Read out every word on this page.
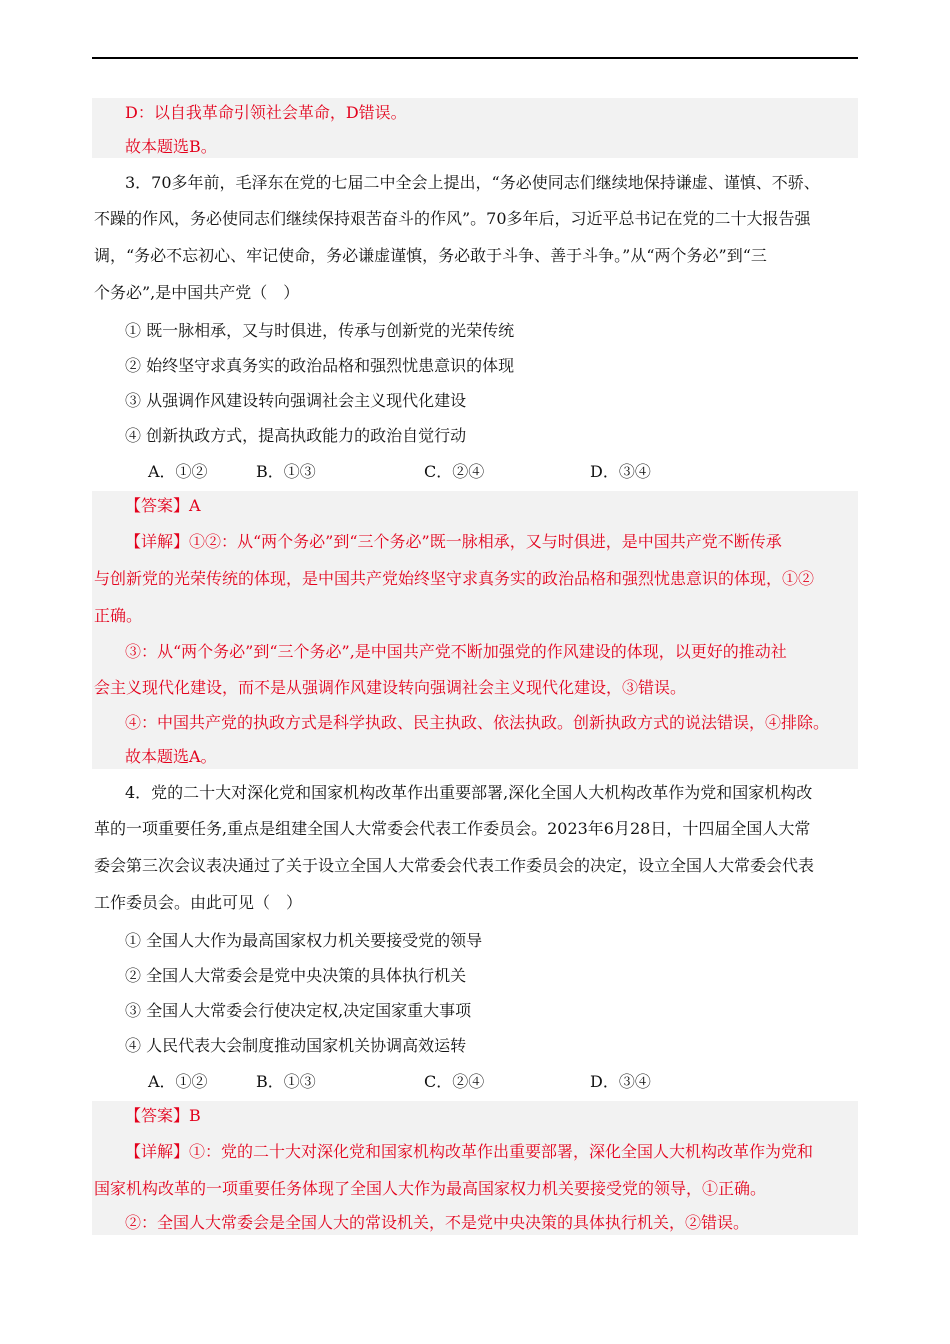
D：以自我革命引领社会革命，D错误。
故本题选B。
3．70多年前，毛泽东在党的七届二中全会上提出，“务必使同志们继续地保持谦虚、谨慎、不骄、
不躁的作风，务必使同志们继续保持艰苦奋斗的作风”。70多年后，习近平总书记在党的二十大报告强
调，“务必不忘初心、牢记使命，务必谦虚谨慎，务必敢于斗争、善于斗争。”从“两个务必”到“三
个务必”,是中国共产党（　）
① 既一脉相承，又与时俱进，传承与创新党的光荣传统
② 始终坚守求真务实的政治品格和强烈忧患意识的体现
③ 从强调作风建设转向强调社会主义现代化建设
④ 创新执政方式，提高执政能力的政治自觉行动
A．①②	B．①③	C．②④	D．③④
【答案】A
【详解】①②：从“两个务必”到“三个务必”既一脉相承，又与时俱进，是中国共产党不断传承
与创新党的光荣传统的体现，是中国共产党始终坚守求真务实的政治品格和强烈忧患意识的体现，①②
正确。
③：从“两个务必”到“三个务必”,是中国共产党不断加强党的作风建设的体现，以更好的推动社
会主义现代化建设，而不是从强调作风建设转向强调社会主义现代化建设，③错误。
④：中国共产党的执政方式是科学执政、民主执政、依法执政。创新执政方式的说法错误，④排除。
故本题选A。
4．党的二十大对深化党和国家机构改革作出重要部署,深化全国人大机构改革作为党和国家机构改
革的一项重要任务,重点是组建全国人大常委会代表工作委员会。2023年6月28日，十四届全国人大常
委会第三次会议表决通过了关于设立全国人大常委会代表工作委员会的决定，设立全国人大常委会代表
工作委员会。由此可见（　）
① 全国人大作为最高国家权力机关要接受党的领导
② 全国人大常委会是党中央决策的具体执行机关
③ 全国人大常委会行使决定权,决定国家重大事项
④ 人民代表大会制度推动国家机关协调高效运转
A．①②	B．①③	C．②④	D．③④
【答案】B
【详解】①：党的二十大对深化党和国家机构改革作出重要部署，深化全国人大机构改革作为党和
国家机构改革的一项重要任务体现了全国人大作为最高国家权力机关要接受党的领导，①正确。
②：全国人大常委会是全国人大的常设机关，不是党中央决策的具体执行机关，②错误。
